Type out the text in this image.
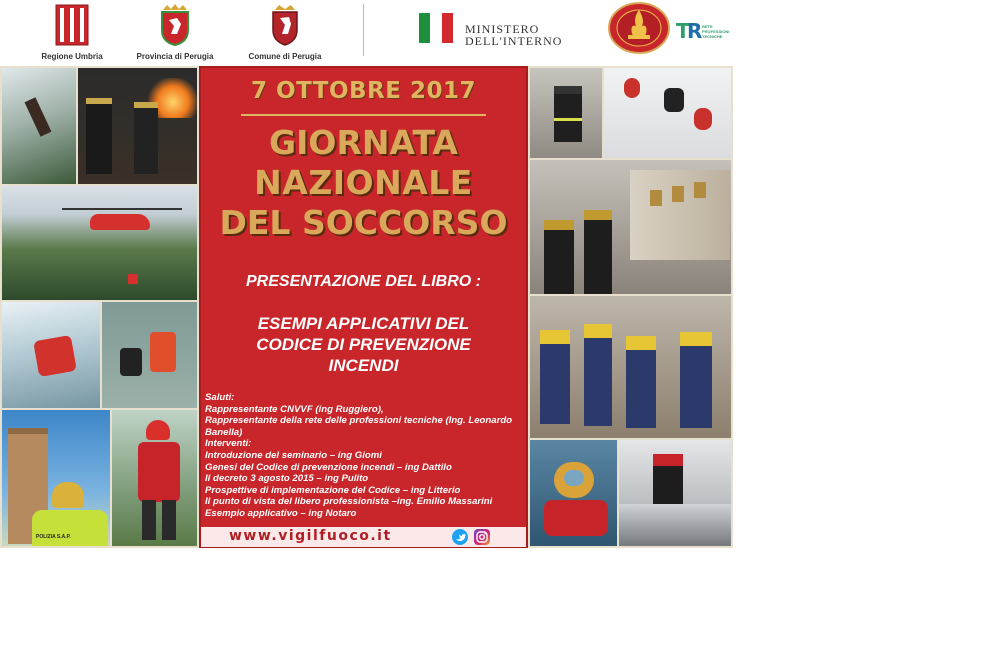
Regione Umbria	Provincia di Perugia	Comune di Perugia
MINISTERO
DELL'INTERNO	T
R RETE PROFESSIONI TECNICHE
POLIZIA S.A.P.
7 OTTOBRE 2017
GIORNATA
NAZIONALE
DEL SOCCORSO
PRESENTAZIONE DEL LIBRO :
ESEMPI APPLICATIVI DEL
CODICE DI PREVENZIONE
INCENDI
Saluti:
Rappresentante CNVVF (ing Ruggiero),
Rappresentante della rete delle professioni tecniche (Ing. Leonardo Banella)
Interventi:
Introduzione del seminario – ing Giomi
Genesi del Codice di prevenzione incendi – ing Dattilo
Il decreto 3 agosto 2015 – ing Pulito
Prospettive di implementazione del Codice – ing Litterio
Il punto di vista del libero professionista –ing. Emilio Massarini
Esempio applicativo – ing Notaro
www.vigilfuoco.it
